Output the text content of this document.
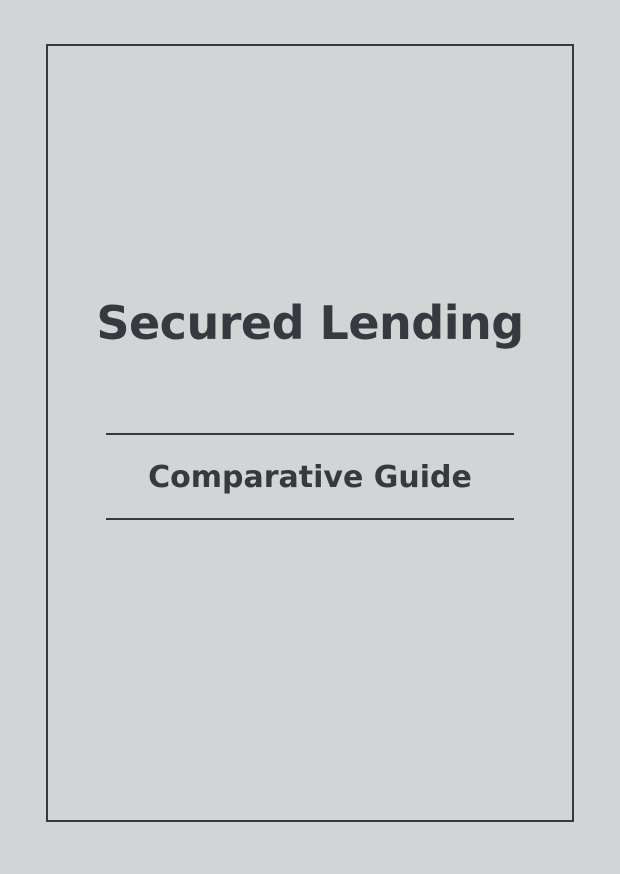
Secured Lending
Comparative Guide
